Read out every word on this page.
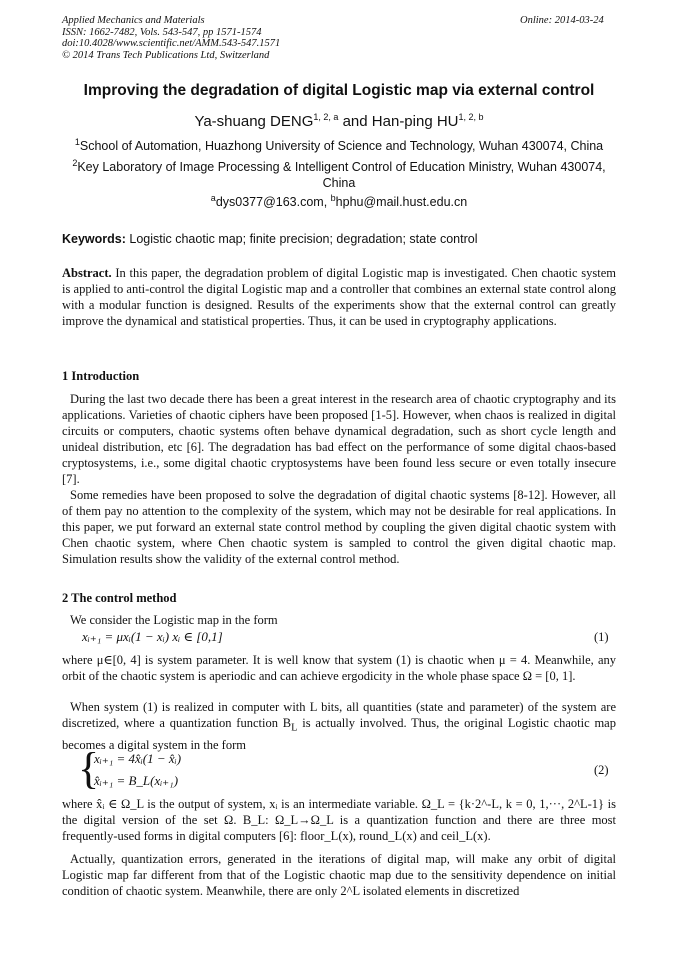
Applied Mechanics and Materials
ISSN: 1662-7482, Vols. 543-547, pp 1571-1574
doi:10.4028/www.scientific.net/AMM.543-547.1571
© 2014 Trans Tech Publications Ltd, Switzerland
Online: 2014-03-24
Improving the degradation of digital Logistic map via external control
Ya-shuang DENG$^{1, 2, a}$ and Han-ping HU$^{1, 2, b}$
$^1$School of Automation, Huazhong University of Science and Technology, Wuhan 430074, China
$^2$Key Laboratory of Image Processing & Intelligent Control of Education Ministry, Wuhan 430074, China
$^a$dys0377@163.com, $^b$hphu@mail.hust.edu.cn
Keywords: Logistic chaotic map; finite precision; degradation; state control
Abstract. In this paper, the degradation problem of digital Logistic map is investigated. Chen chaotic system is applied to anti-control the digital Logistic map and a controller that combines an external state control along with a modular function is designed. Results of the experiments show that the external control can greatly improve the dynamical and statistical properties. Thus, it can be used in cryptography applications.
1 Introduction
During the last two decade there has been a great interest in the research area of chaotic cryptography and its applications. Varieties of chaotic ciphers have been proposed [1-5]. However, when chaos is realized in digital circuits or computers, chaotic systems often behave dynamical degradation, such as short cycle length and unideal distribution, etc [6]. The degradation has bad effect on the performance of some digital chaos-based cryptosystems, i.e., some digital chaotic cryptosystems have been found less secure or even totally insecure [7].
Some remedies have been proposed to solve the degradation of digital chaotic systems [8-12]. However, all of them pay no attention to the complexity of the system, which may not be desirable for real applications. In this paper, we put forward an external state control method by coupling the given digital chaotic system with Chen chaotic system, where Chen chaotic system is sampled to control the given digital chaotic map. Simulation results show the validity of the external control method.
2 The control method
We consider the Logistic map in the form
xᵢ₊₁ = μxᵢ(1 − xᵢ) xᵢ ∈ [0,1]	(1)
where μ∈[0, 4] is system parameter. It is well know that system (1) is chaotic when μ = 4. Meanwhile, any orbit of the chaotic system is aperiodic and can achieve ergodicity in the whole phase space Ω = [0, 1].
When system (1) is realized in computer with L bits, all quantities (state and parameter) of the system are discretized, where a quantization function $B_L$ is actually involved. Thus, the original Logistic chaotic map becomes a digital system in the form
{
xᵢ₊₁ = 4x̂ᵢ(1 − x̂ᵢ)
x̂ᵢ₊₁ = B_L(xᵢ₊₁)
(2)
where x̂ᵢ ∈ Ω_L is the output of system, xᵢ is an intermediate variable. Ω_L = {k·2^-L, k = 0, 1,···, 2^L-1} is the digital version of the set Ω. B_L: Ω_L→Ω_L is a quantization function and there are three most frequently-used forms in digital computers [6]: floor_L(x), round_L(x) and ceil_L(x).
Actually, quantization errors, generated in the iterations of digital map, will make any orbit of digital Logistic map far different from that of the Logistic chaotic map due to the sensitivity dependence on initial condition of chaotic system. Meanwhile, there are only 2^L isolated elements in discretized
